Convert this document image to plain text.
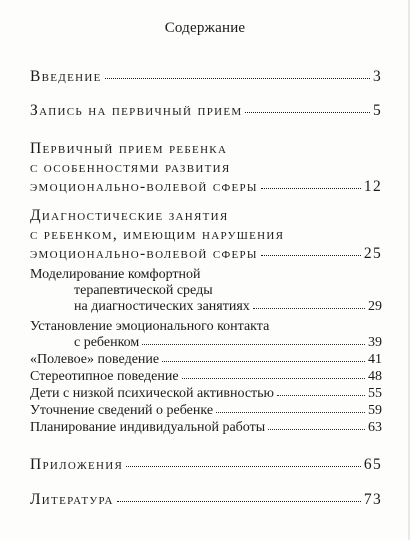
Содержание
Введение	3
Запись на первичный прием	5
Первичный прием ребенка
с особенностями развития
эмоционально-волевой сферы	12
Диагностические занятия
с ребенком, имеющим нарушения
эмоционально-волевой сферы	25
Моделирование комфортной
терапевтической среды
на диагностических занятиях	29
Установление эмоционального контакта
с ребенком	39
«Полевое» поведение	41
Стереотипное поведение	48
Дети с низкой психической активностью	55
Уточнение сведений о ребенке	59
Планирование индивидуальной работы	63
Приложения	65
Литература	73
